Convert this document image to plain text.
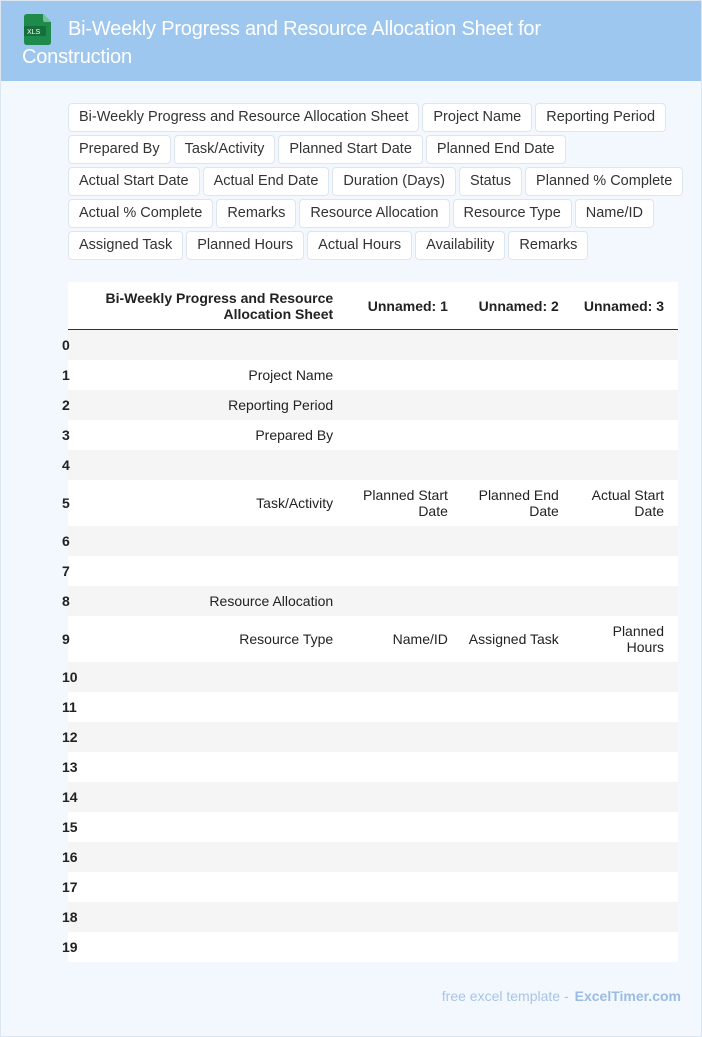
XLS	Bi-Weekly Progress and Resource Allocation Sheet for Construction
Bi-Weekly Progress and Resource Allocation Sheet	Project Name	Reporting Period
Prepared By	Task/Activity	Planned Start Date	Planned End Date
Actual Start Date	Actual End Date	Duration (Days)	Status	Planned % Complete
Actual % Complete	Remarks	Resource Allocation	Resource Type	Name/ID
Assigned Task	Planned Hours	Actual Hours	Availability	Remarks
	Bi-Weekly Progress and Resource Allocation Sheet	Unnamed: 1	Unnamed: 2	Unnamed: 3
0				
1	Project Name			
2	Reporting Period			
3	Prepared By			
4				
5	Task/Activity	Planned Start Date	Planned End Date	Actual Start Date
6				
7				
8	Resource Allocation			
9	Resource Type	Name/ID	Assigned Task	Planned Hours
10				
11				
12				
13				
14				
15				
16				
17				
18				
19				
free excel template - ExcelTimer.com
